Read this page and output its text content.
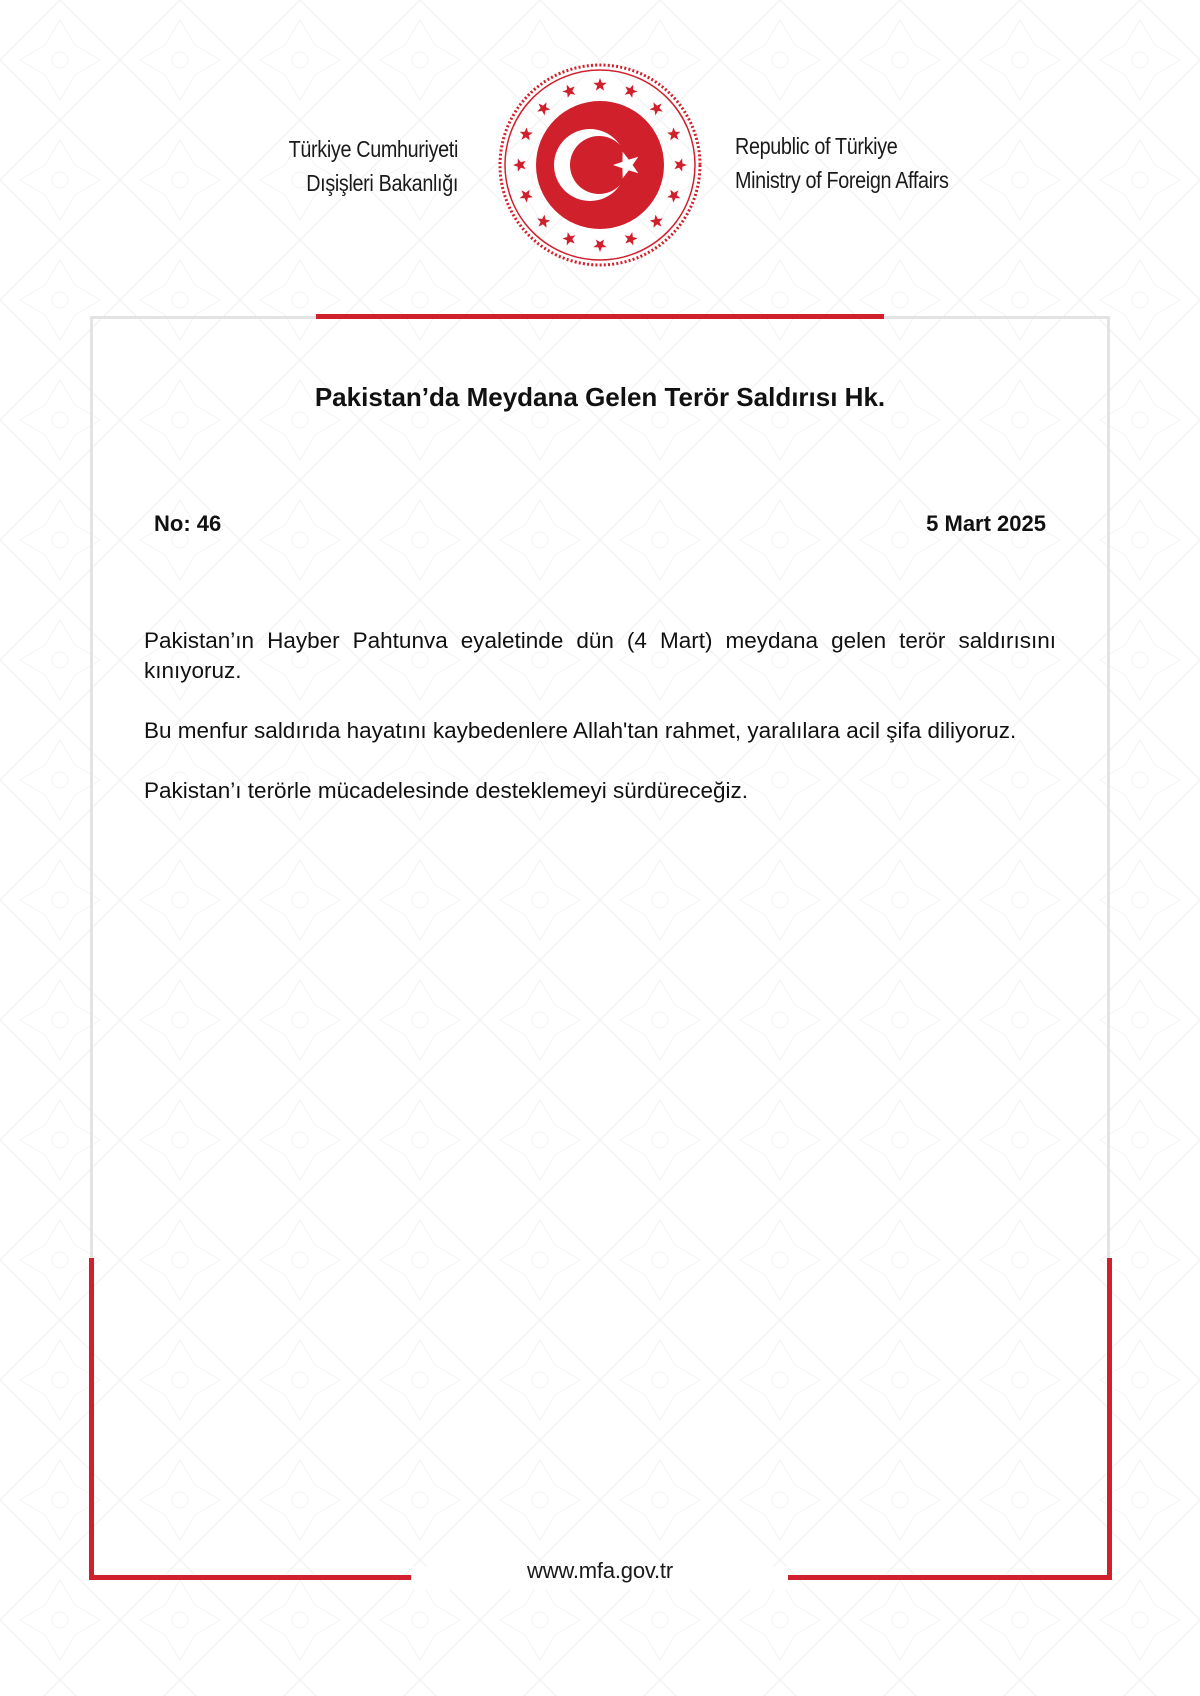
Türkiye Cumhuriyeti
Dışişleri Bakanlığı
Republic of Türkiye
Ministry of Foreign Affairs
www.mfa.gov.tr
Pakistan’da Meydana Gelen Terör Saldırısı Hk.
No: 46	5 Mart 2025

Pakistan’ın Hayber Pahtunva eyaletinde dün (4 Mart) meydana gelen terör saldırısını kınıyoruz.

Bu menfur saldırıda hayatını kaybedenlere Allah'tan rahmet, yaralılara acil şifa diliyoruz.

Pakistan’ı terörle mücadelesinde desteklemeyi sürdüreceğiz.
